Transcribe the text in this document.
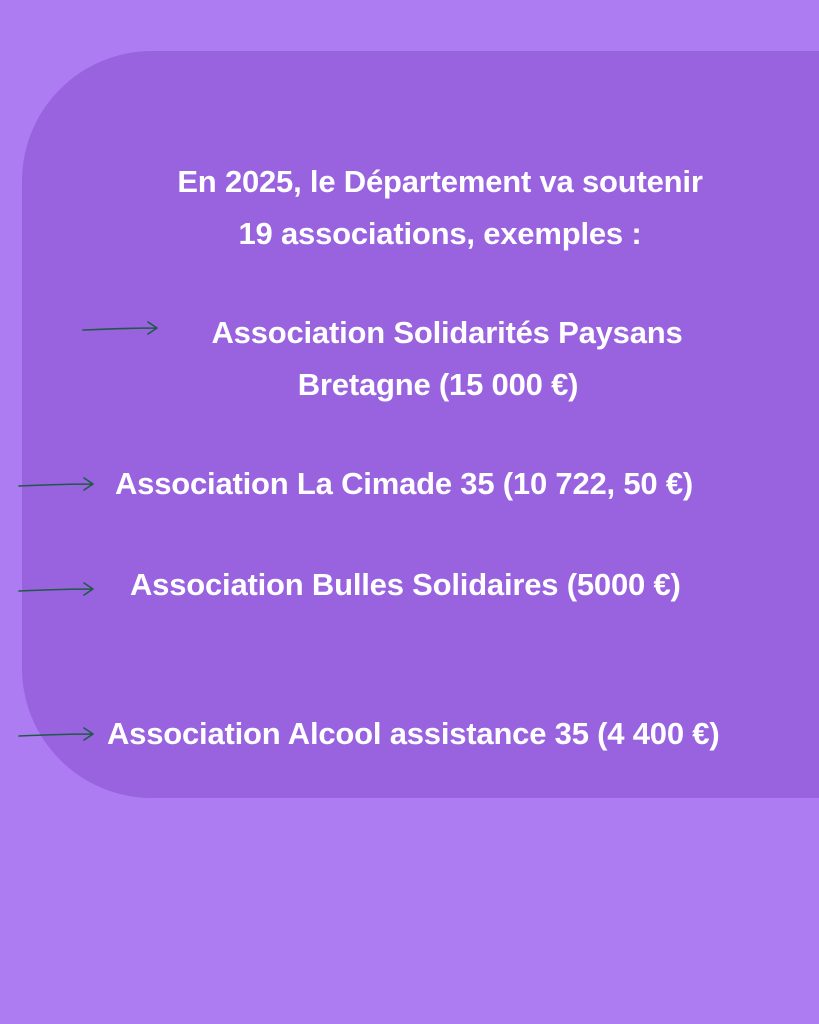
En 2025, le Département va soutenir
19 associations, exemples :
Association Solidarités Paysans
Bretagne (15 000 €)
Association La Cimade 35 (10 722, 50 €)
Association Bulles Solidaires (5000 €)
Association Alcool assistance 35 (4 400 €)
